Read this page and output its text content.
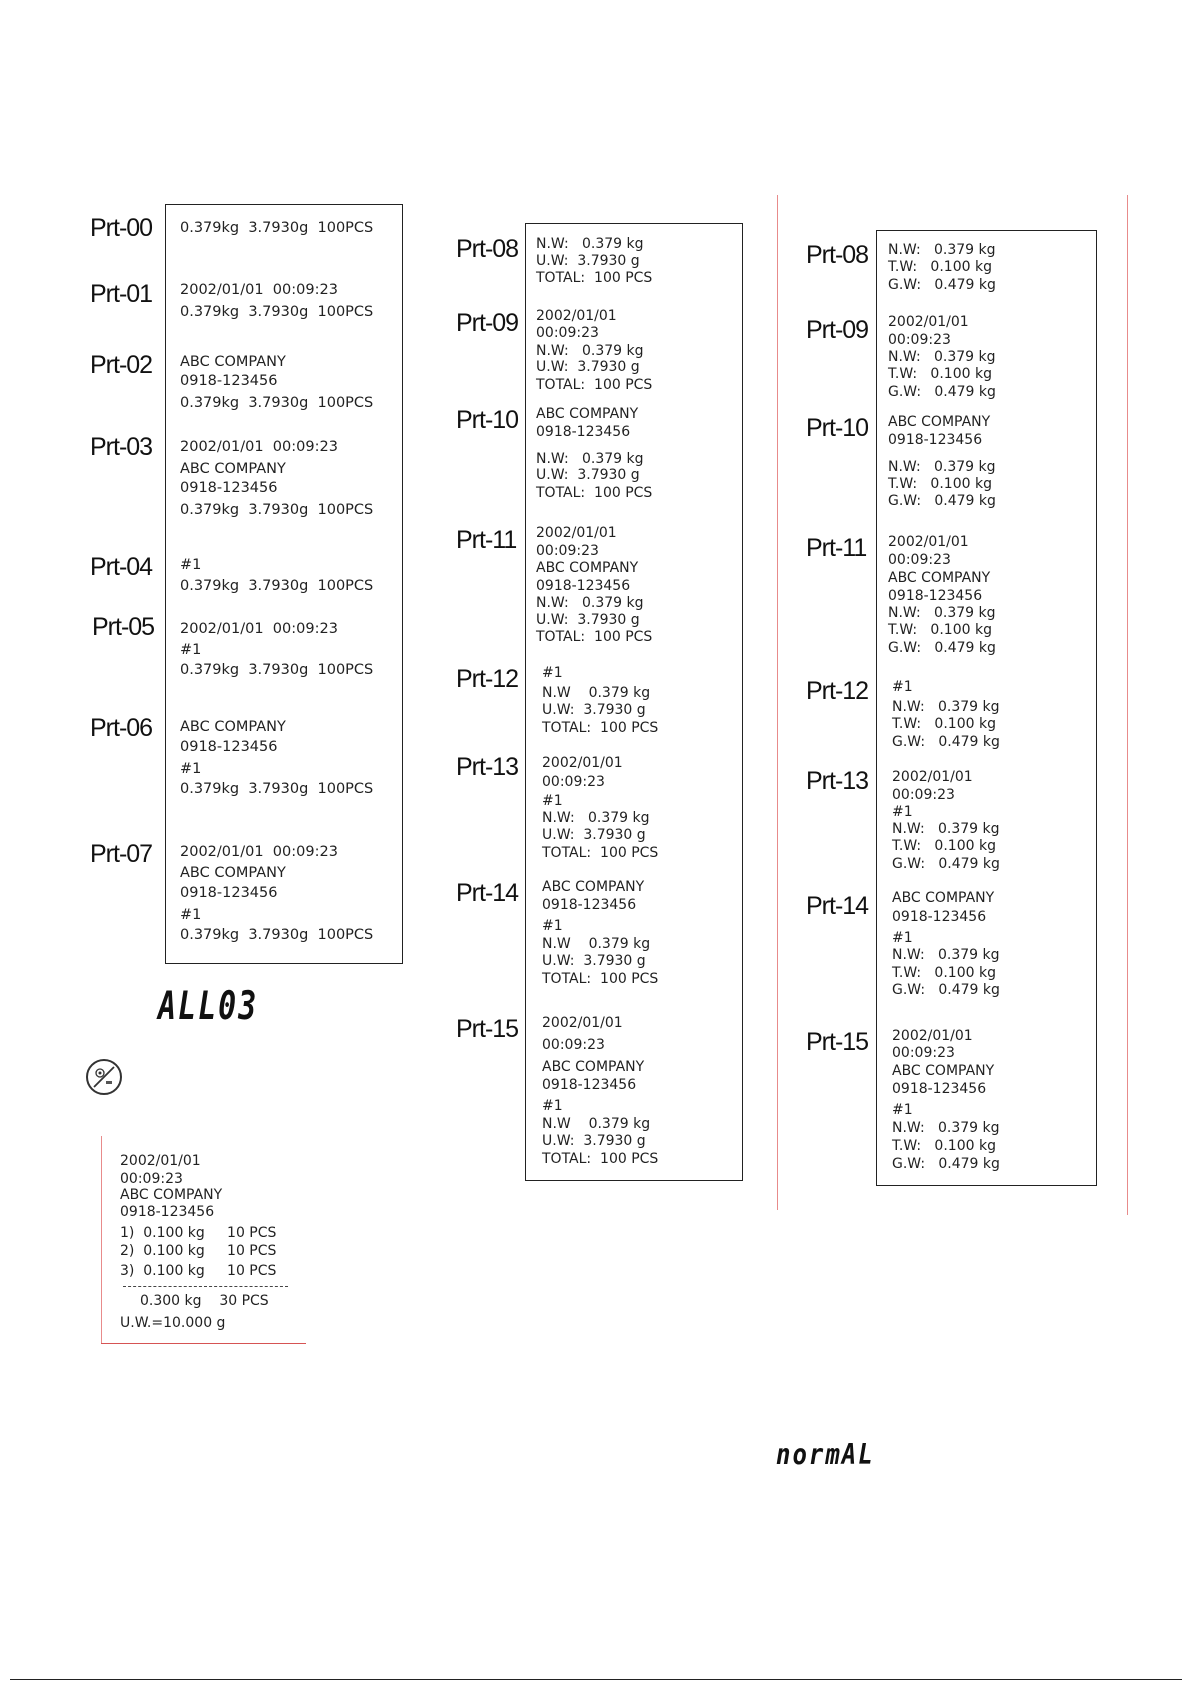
Prt-00
Prt-01
Prt-02
Prt-03
Prt-04
Prt-05
Prt-06
Prt-07
0.379kg  3.7930g  100PCS
2002/01/01  00:09:23
0.379kg  3.7930g  100PCS
ABC COMPANY
0918-123456
0.379kg  3.7930g  100PCS
2002/01/01  00:09:23
ABC COMPANY
0918-123456
0.379kg  3.7930g  100PCS
#1
0.379kg  3.7930g  100PCS
2002/01/01  00:09:23
#1
0.379kg  3.7930g  100PCS
ABC COMPANY
0918-123456
#1
0.379kg  3.7930g  100PCS
2002/01/01  00:09:23
ABC COMPANY
0918-123456
#1
0.379kg  3.7930g  100PCS
ALL03
2002/01/01
00:09:23
ABC COMPANY
0918-123456
1)  0.100 kg     10 PCS
2)  0.100 kg     10 PCS
3)  0.100 kg     10 PCS
0.300 kg    30 PCS
U.W.=10.000 g
Prt-08
Prt-09
Prt-10
Prt-11
Prt-12
Prt-13
Prt-14
Prt-15
N.W:   0.379 kg
U.W:  3.7930 g
TOTAL:  100 PCS
2002/01/01
00:09:23
N.W:   0.379 kg
U.W:  3.7930 g
TOTAL:  100 PCS
ABC COMPANY
0918-123456
N.W:   0.379 kg
U.W:  3.7930 g
TOTAL:  100 PCS
2002/01/01
00:09:23
ABC COMPANY
0918-123456
N.W:   0.379 kg
U.W:  3.7930 g
TOTAL:  100 PCS
#1
N.W    0.379 kg
U.W:  3.7930 g
TOTAL:  100 PCS
2002/01/01
00:09:23
#1
N.W:   0.379 kg
U.W:  3.7930 g
TOTAL:  100 PCS
ABC COMPANY
0918-123456
#1
N.W    0.379 kg
U.W:  3.7930 g
TOTAL:  100 PCS
2002/01/01
00:09:23
ABC COMPANY
0918-123456
#1
N.W    0.379 kg
U.W:  3.7930 g
TOTAL:  100 PCS
Prt-08
Prt-09
Prt-10
Prt-11
Prt-12
Prt-13
Prt-14
Prt-15
N.W:   0.379 kg
T.W:   0.100 kg
G.W:   0.479 kg
2002/01/01
00:09:23
N.W:   0.379 kg
T.W:   0.100 kg
G.W:   0.479 kg
ABC COMPANY
0918-123456
N.W:   0.379 kg
T.W:   0.100 kg
G.W:   0.479 kg
2002/01/01
00:09:23
ABC COMPANY
0918-123456
N.W:   0.379 kg
T.W:   0.100 kg
G.W:   0.479 kg
#1
N.W:   0.379 kg
T.W:   0.100 kg
G.W:   0.479 kg
2002/01/01
00:09:23
#1
N.W:   0.379 kg
T.W:   0.100 kg
G.W:   0.479 kg
ABC COMPANY
0918-123456
#1
N.W:   0.379 kg
T.W:   0.100 kg
G.W:   0.479 kg
2002/01/01
00:09:23
ABC COMPANY
0918-123456
#1
N.W:   0.379 kg
T.W:   0.100 kg
G.W:   0.479 kg
normAL
